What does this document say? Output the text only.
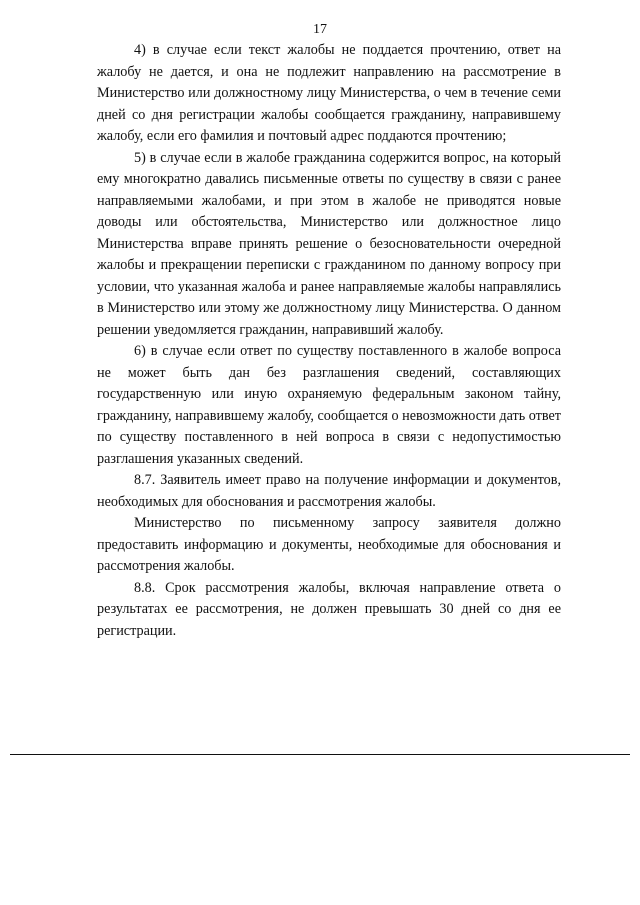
17

4) в случае если текст жалобы не поддается прочтению, ответ на жалобу не дается, и она не подлежит направлению на рассмотрение в Министерство или должностному лицу Министерства, о чем в течение семи дней со дня регистрации жалобы сообщается гражданину, направившему жалобу, если его фамилия и почтовый адрес поддаются прочтению;

5) в случае если в жалобе гражданина содержится вопрос, на который ему многократно давались письменные ответы по существу в связи с ранее направляемыми жалобами, и при этом в жалобе не приводятся новые доводы или обстоятельства, Министерство или должностное лицо Министерства вправе принять решение о безосновательности очередной жалобы и прекращении переписки с гражданином по данному вопросу при условии, что указанная жалоба и ранее направляемые жалобы направлялись в Министерство или этому же должностному лицу Министерства. О данном решении уведомляется гражданин, направивший жалобу.

6) в случае если ответ по существу поставленного в жалобе вопроса не может быть дан без разглашения сведений, составляющих государственную или иную охраняемую федеральным законом тайну, гражданину, направившему жалобу, сообщается о невозможности дать ответ по существу поставленного в ней вопроса в связи с недопустимостью разглашения указанных сведений.

8.7. Заявитель имеет право на получение информации и документов, необходимых для обоснования и рассмотрения жалобы.

Министерство по письменному запросу заявителя должно предоставить информацию и документы, необходимые для обоснования и рассмотрения жалобы.

8.8. Срок рассмотрения жалобы, включая направление ответа о результатах ее рассмотрения, не должен превышать 30 дней со дня ее регистрации.
